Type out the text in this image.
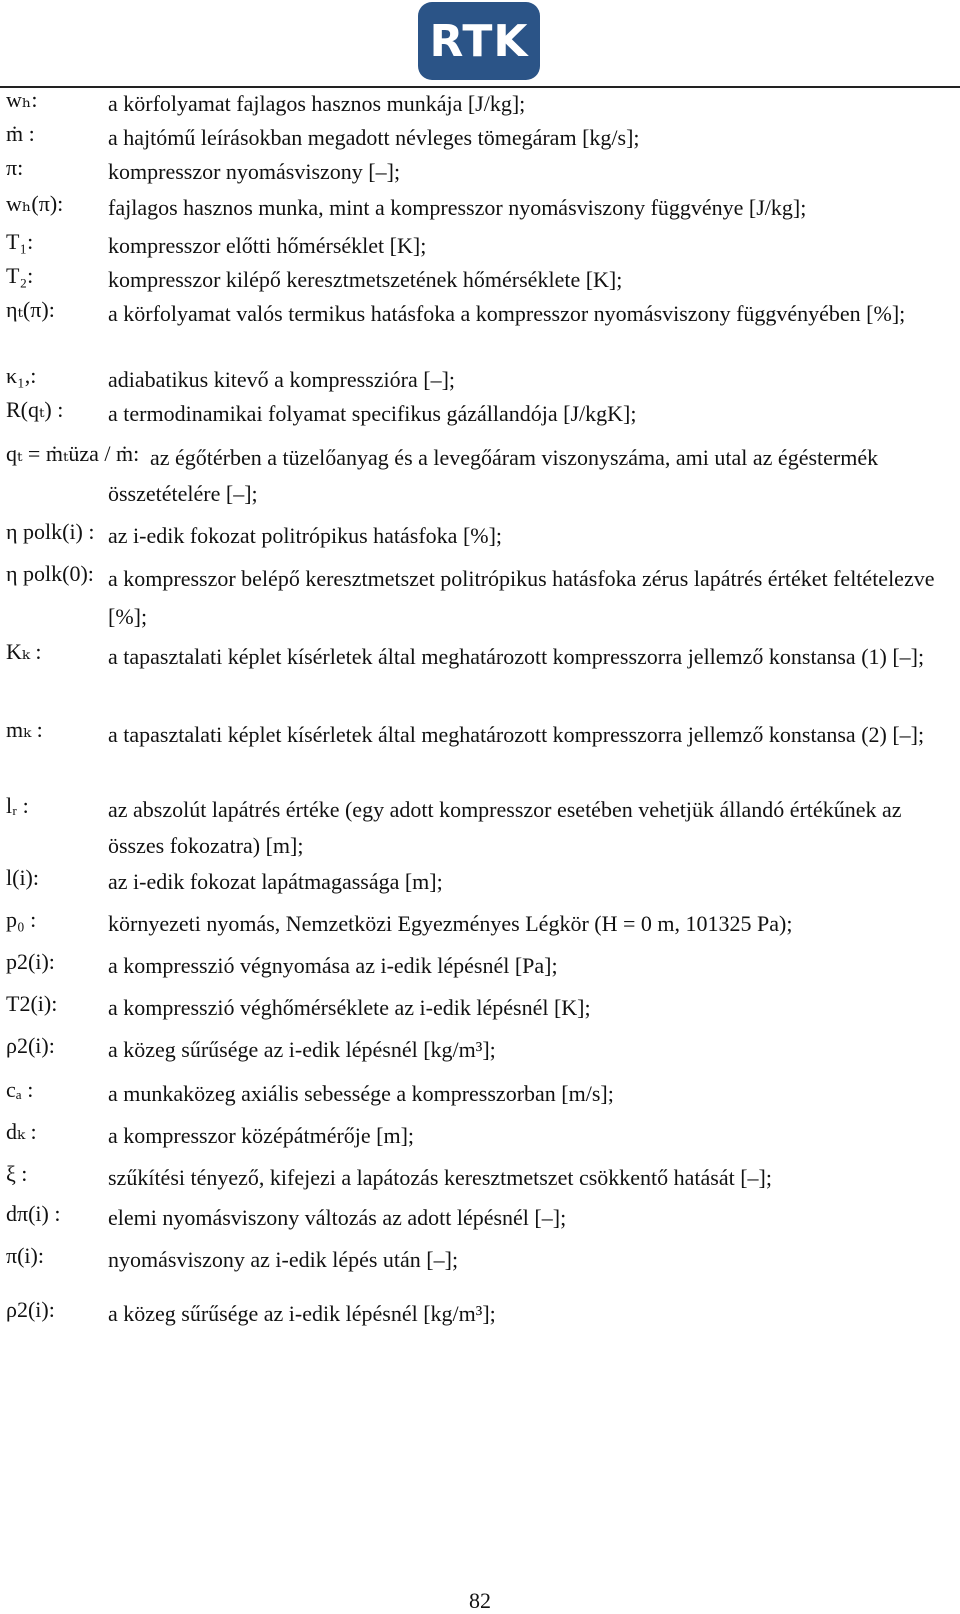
RTK
wₕ:	a körfolyamat fajlagos hasznos munkája [J/kg];
ṁ :	a hajtómű leírásokban megadott névleges tömegáram [kg/s];
π:	kompresszor nyomásviszony [–];
wₕ(π):	fajlagos hasznos munka, mint a kompresszor nyomásviszony függvénye [J/kg];
T₁:	kompresszor előtti hőmérséklet [K];
T₂:	kompresszor kilépő keresztmetszetének hőmérséklete [K];
ηₜ(π):	a körfolyamat valós termikus hatásfoka a kompresszor nyomásviszony függvényében [%];
κ₁,:	adiabatikus kitevő a kompresszióra [–];
R(qₜ) :	a termodinamikai folyamat specifikus gázállandója [J/kgK];
qₜ = ṁₜüza / ṁ: az égőtérben a tüzelőanyag és a levegőáram viszonyszáma, ami utal az égéstermék összetételére [–];
η polk(i) : az i-edik fokozat politrópikus hatásfoka [%];
η polk(0): a kompresszor belépő keresztmetszet politrópikus hatásfoka zérus lapátrés értéket feltételezve [%];
Kₖ :	a tapasztalati képlet kísérletek által meghatározott kompresszorra jellemző konstansa (1) [–];
mₖ :	a tapasztalati képlet kísérletek által meghatározott kompresszorra jellemző konstansa (2) [–];
lᵣ :	az abszolút lapátrés értéke (egy adott kompresszor esetében vehetjük állandó értékűnek az összes fokozatra) [m];
l(i):	az i-edik fokozat lapátmagassága [m];
p₀ :	környezeti nyomás, Nemzetközi Egyezményes Légkör (H = 0 m, 101325 Pa);
p2(i):	a kompresszió végnyomása az i-edik lépésnél [Pa];
T2(i):	a kompresszió véghőmérséklete az i-edik lépésnél [K];
ρ2(i):	a közeg sűrűsége az i-edik lépésnél [kg/m³];
cₐ :	a munkaközeg axiális sebessége a kompresszorban [m/s];
dₖ :	a kompresszor középátmérője [m];
ξ :	szűkítési tényező, kifejezi a lapátozás keresztmetszet csökkentő hatását [–];
dπ(i) :	elemi nyomásviszony változás az adott lépésnél [–];
π(i):	nyomásviszony az i-edik lépés után [–];
ρ2(i):	a közeg sűrűsége az i-edik lépésnél [kg/m³];
82
